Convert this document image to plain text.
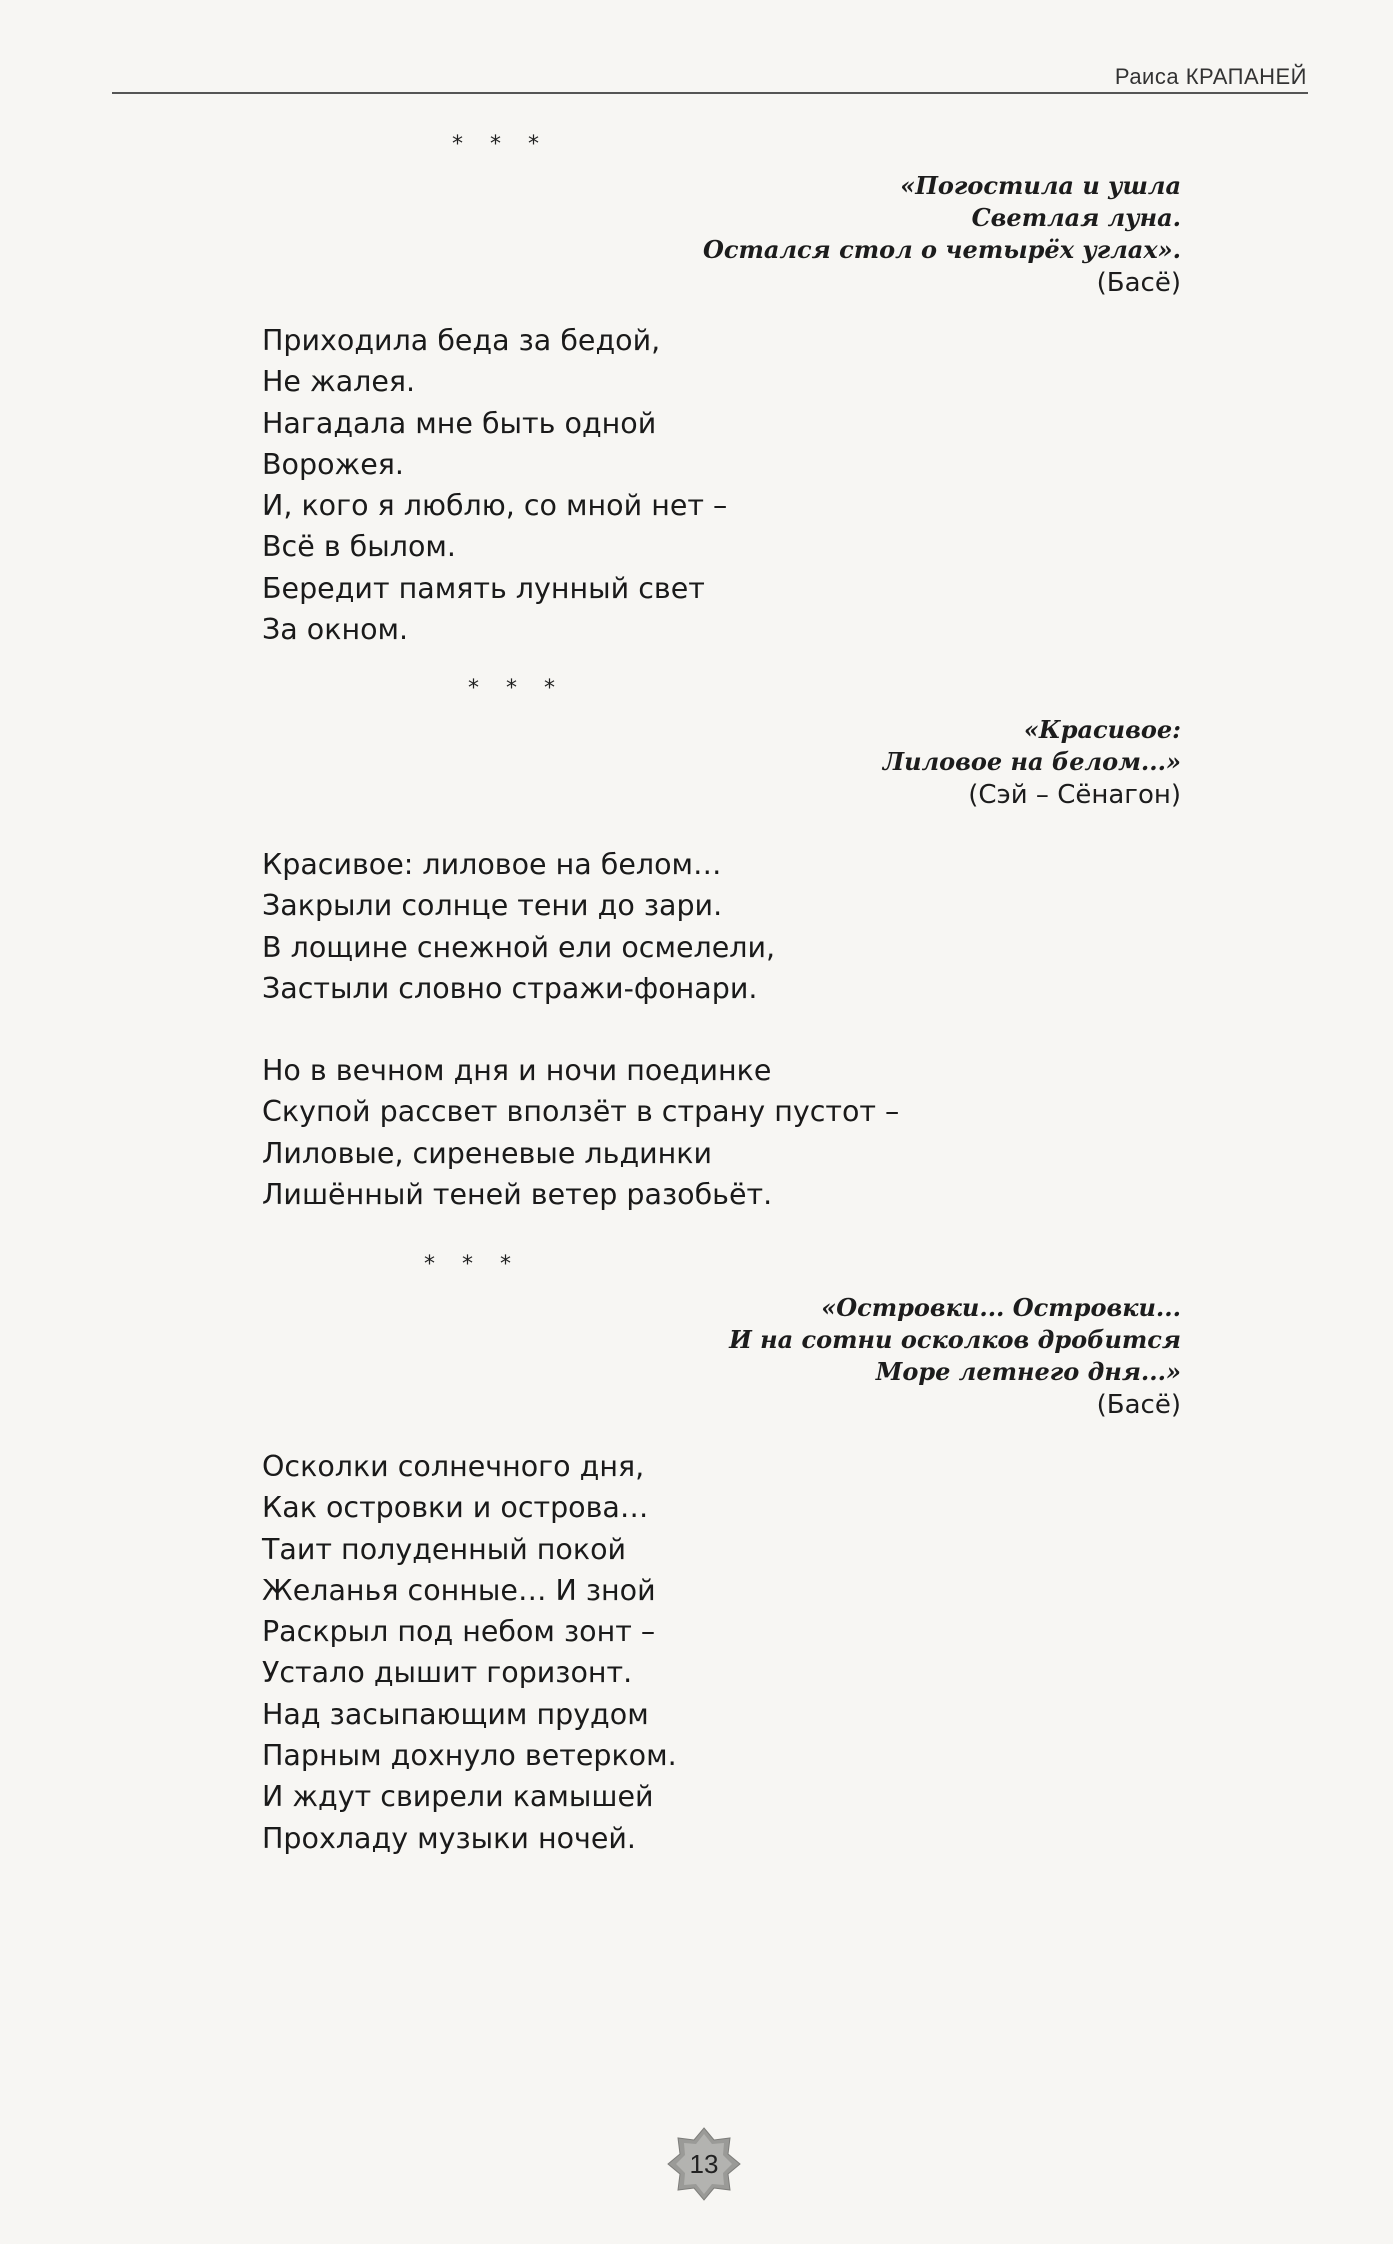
Раиса КРАПАНЕЙ
* * *
«Погостила и ушла
Светлая луна.
Остался стол о четырёх углах».
(Басё)
Приходила беда за бедой,
Не жалея.
Нагадала мне быть одной
Ворожея.
И, кого я люблю, со мной нет –
Всё в былом.
Бередит память лунный свет
За окном.
* * *
«Красивое:
Лиловое на белом...»
(Сэй – Сёнагон)
Красивое: лиловое на белом…
Закрыли солнце тени до зари.
В лощине снежной ели осмелели,
Застыли словно стражи-фонари.
Но в вечном дня и ночи поединке
Скупой рассвет вползёт в страну пустот –
Лиловые, сиреневые льдинки
Лишённый теней ветер разобьёт.
* * *
«Островки... Островки...
И на сотни осколков дробится
Море летнего дня...»
(Басё)
Осколки солнечного дня,
Как островки и острова…
Таит полуденный покой
Желанья сонные… И зной
Раскрыл под небом зонт –
Устало дышит горизонт.
Над засыпающим прудом
Парным дохнуло ветерком.
И ждут свирели камышей
Прохладу музыки ночей.
13
